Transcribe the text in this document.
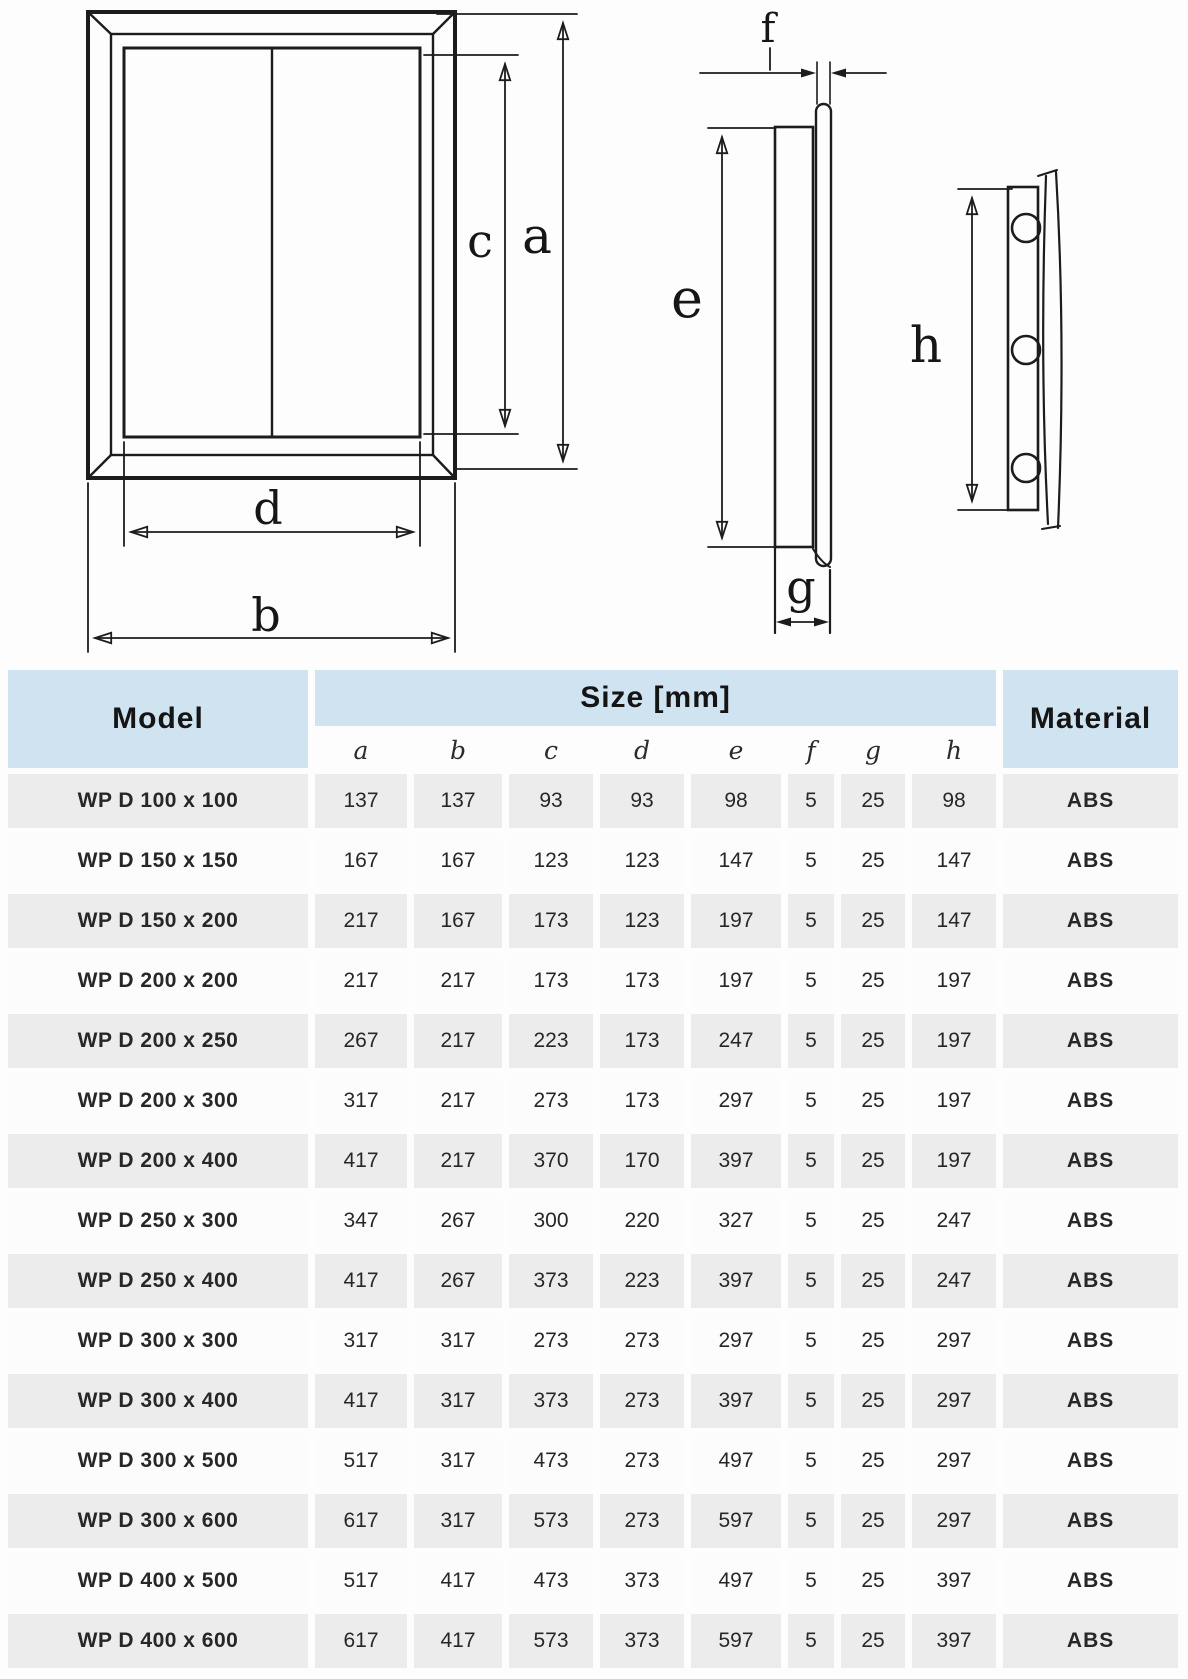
c a
d
b
f
e
g
h
Model	Size [mm]								Material
	a	b	c	d	e	f	g	h	
WP D 100 x 100	137	137	93	93	98	5	25	98	ABS
WP D 150 x 150	167	167	123	123	147	5	25	147	ABS
WP D 150 x 200	217	167	173	123	197	5	25	147	ABS
WP D 200 x 200	217	217	173	173	197	5	25	197	ABS
WP D 200 x 250	267	217	223	173	247	5	25	197	ABS
WP D 200 x 300	317	217	273	173	297	5	25	197	ABS
WP D 200 x 400	417	217	370	170	397	5	25	197	ABS
WP D 250 x 300	347	267	300	220	327	5	25	247	ABS
WP D 250 x 400	417	267	373	223	397	5	25	247	ABS
WP D 300 x 300	317	317	273	273	297	5	25	297	ABS
WP D 300 x 400	417	317	373	273	397	5	25	297	ABS
WP D 300 x 500	517	317	473	273	497	5	25	297	ABS
WP D 300 x 600	617	317	573	273	597	5	25	297	ABS
WP D 400 x 500	517	417	473	373	497	5	25	397	ABS
WP D 400 x 600	617	417	573	373	597	5	25	397	ABS
